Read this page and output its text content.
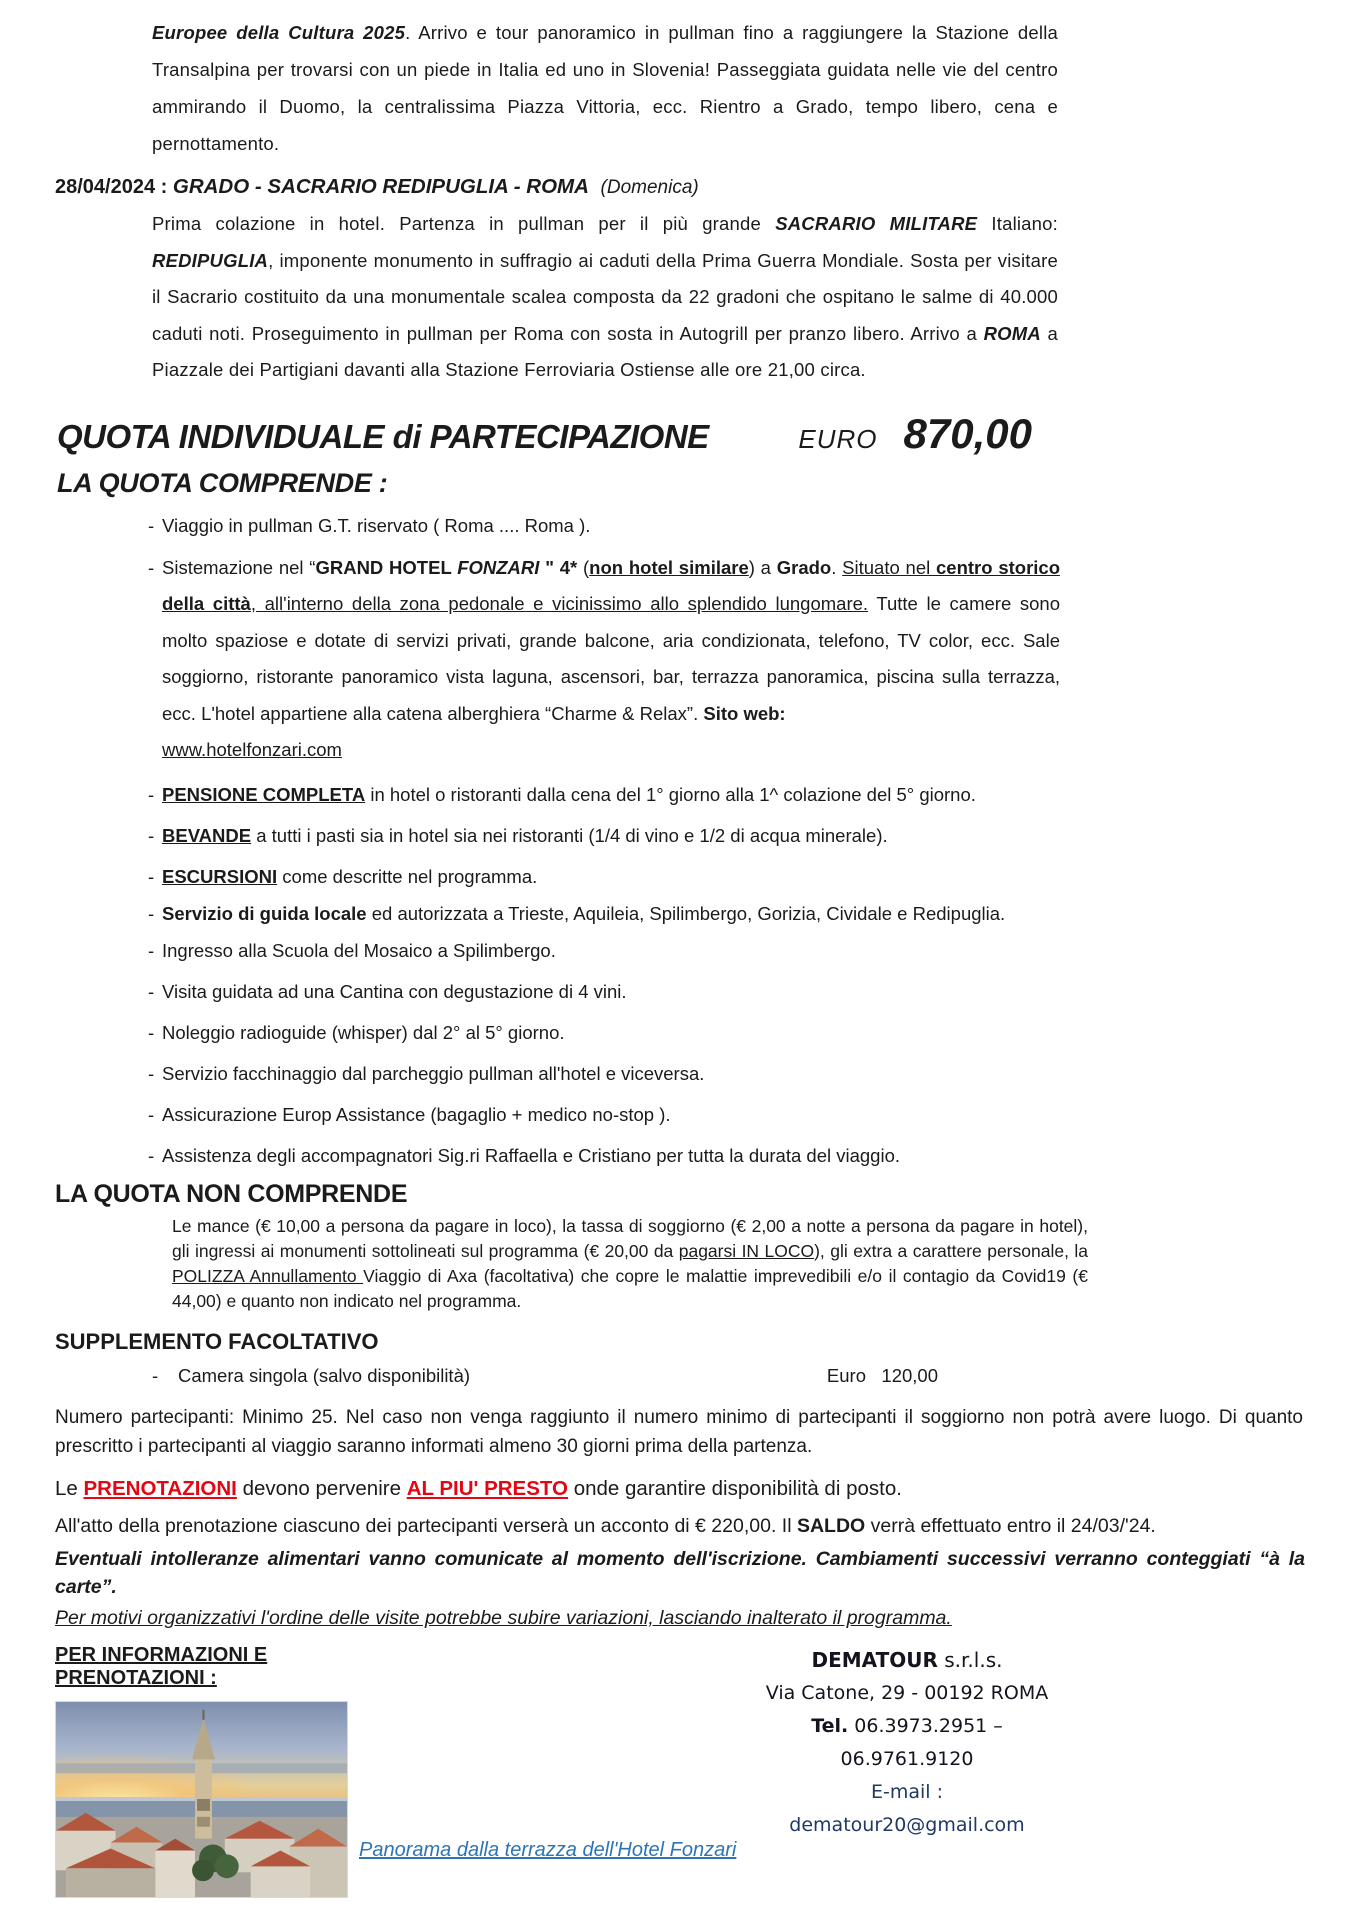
Europee della Cultura 2025. Arrivo e tour panoramico in pullman fino a raggiungere la Stazione della Transalpina per trovarsi con un piede in Italia ed uno in Slovenia! Passeggiata guidata nelle vie del centro ammirando il Duomo, la centralissima Piazza Vittoria, ecc. Rientro a Grado, tempo libero, cena e pernottamento.

28/04/2024 : GRADO - SACRARIO REDIPUGLIA - ROMA (Domenica)

Prima colazione in hotel. Partenza in pullman per il più grande SACRARIO MILITARE Italiano: REDIPUGLIA, imponente monumento in suffragio ai caduti della Prima Guerra Mondiale. Sosta per visitare il Sacrario costituito da una monumentale scalea composta da 22 gradoni che ospitano le salme di 40.000 caduti noti. Proseguimento in pullman per Roma con sosta in Autogrill per pranzo libero. Arrivo a ROMA a Piazzale dei Partigiani davanti alla Stazione Ferroviaria Ostiense alle ore 21,00 circa.

QUOTA INDIVIDUALE di PARTECIPAZIONE	EURO 870,00
LA QUOTA COMPRENDE :
- Viaggio in pullman G.T. riservato ( Roma .... Roma ).
- Sistemazione nel “GRAND HOTEL FONZARI " 4* (non hotel similare) a Grado. Situato nel centro storico della città, all'interno della zona pedonale e vicinissimo allo splendido lungomare. Tutte le camere sono molto spaziose e dotate di servizi privati, grande balcone, aria condizionata, telefono, TV color, ecc. Sale soggiorno, ristorante panoramico vista laguna, ascensori, bar, terrazza panoramica, piscina sulla terrazza, ecc. L'hotel appartiene alla catena alberghiera “Charme & Relax”. Sito web:
www.hotelfonzari.com
- PENSIONE COMPLETA in hotel o ristoranti dalla cena del 1° giorno alla 1^ colazione del 5° giorno.
- BEVANDE a tutti i pasti sia in hotel sia nei ristoranti (1/4 di vino e 1/2 di acqua minerale).
- ESCURSIONI come descritte nel programma.
- Servizio di guida locale ed autorizzata a Trieste, Aquileia, Spilimbergo, Gorizia, Cividale e Redipuglia.
- Ingresso alla Scuola del Mosaico a Spilimbergo.
- Visita guidata ad una Cantina con degustazione di 4 vini.
- Noleggio radioguide (whisper) dal 2° al 5° giorno.
- Servizio facchinaggio dal parcheggio pullman all'hotel e viceversa.
- Assicurazione Europ Assistance (bagaglio + medico no-stop ).
- Assistenza degli accompagnatori Sig.ri Raffaella e Cristiano per tutta la durata del viaggio.
LA QUOTA NON COMPRENDE

Le mance (€ 10,00 a persona da pagare in loco), la tassa di soggiorno (€ 2,00 a notte a persona da pagare in hotel), gli ingressi ai monumenti sottolineati sul programma (€ 20,00 da pagarsi IN LOCO), gli extra a carattere personale, la POLIZZA Annullamento Viaggio di Axa (facoltativa) che copre le malattie imprevedibili e/o il contagio da Covid19 (€ 44,00) e quanto non indicato nel programma.

SUPPLEMENTO FACOLTATIVO
-	Camera singola (salvo disponibilità)	Euro 120,00

Numero partecipanti: Minimo 25. Nel caso non venga raggiunto il numero minimo di partecipanti il soggiorno non potrà avere luogo. Di quanto prescritto i partecipanti al viaggio saranno informati almeno 30 giorni prima della partenza.

Le PRENOTAZIONI devono pervenire AL PIU' PRESTO onde garantire disponibilità di posto.

All'atto della prenotazione ciascuno dei partecipanti verserà un acconto di € 220,00. Il SALDO verrà effettuato entro il 24/03/'24.

Eventuali intolleranze alimentari vanno comunicate al momento dell'iscrizione. Cambiamenti successivi verranno conteggiati “à la carte”.

Per motivi organizzativi l'ordine delle visite potrebbe subire variazioni, lasciando inalterato il programma.

PER INFORMAZIONI E PRENOTAZIONI :
Panorama dalla terrazza dell'Hotel Fonzari
DEMATOUR s.r.l.s.
Via Catone, 29 - 00192 ROMA
Tel. 06.3973.2951 – 06.9761.9120
E-mail : dematour20@gmail.com
